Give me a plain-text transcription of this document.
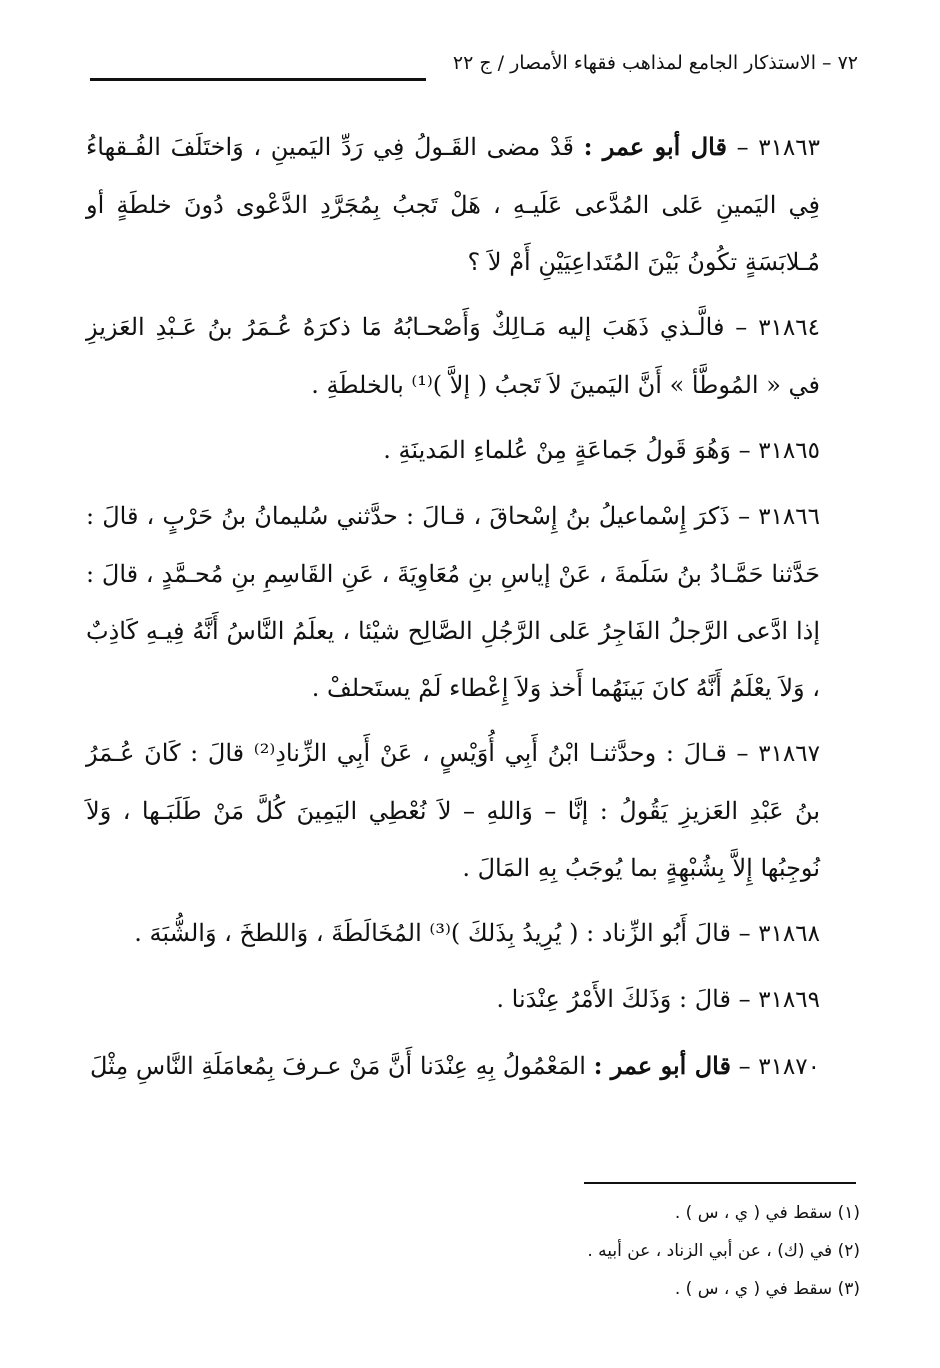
٧٢ – الاستذكار الجامع لمذاهب فقهاء الأمصار / ج ٢٢

٣١٨٦٣ – قال أبو عمر : قَدْ مضى القَـولُ فِي رَدِّ اليَمينِ ، وَاختَلَفَ الفُـقهاءُ فِي اليَمينِ عَلى المُدَّعى عَلَيـهِ ، هَلْ تَجبُ بِمُجَرَّدِ الدَّعْوى دُونَ خلطَةٍ أو مُـلابَسَةٍ تكُونُ بَيْنَ المُتَداعِيَيْنِ أَمْ لاَ ؟

٣١٨٦٤ – فالَّـذي ذَهَبَ إليه مَـالِكٌ وَأَصْحـابُهُ مَا ذكرَهُ عُـمَرُ بنُ عَـبْدِ العَزيزِ في « المُوطَّأ » أَنَّ اليَمينَ لاَ تَجبُ ( إلاَّ )⁽¹⁾ بالخلطَةِ .

٣١٨٦٥ – وَهُوَ قَولُ جَماعَةٍ مِنْ عُلماءِ المَدينَةِ .

٣١٨٦٦ – ذَكرَ إِسْماعيلُ بنُ إِسْحاقَ ، قـالَ : حدَّثني سُليمانُ بنُ حَرْبٍ ، قالَ : حَدَّثنا حَمَّـادُ بنُ سَلَمةَ ، عَنْ إياسِ بنِ مُعَاوِيَةَ ، عَنِ القَاسِمِ بنِ مُحـمَّدٍ ، قالَ : إذا ادَّعى الرَّجلُ الفَاجِرُ عَلى الرَّجُلِ الصَّالِح شيْئا ، يعلَمُ النَّاسُ أَنَّهُ فِيـهِ كَاذِبٌ ، وَلاَ يعْلَمُ أَنَّهُ كانَ بَينَهُما أَخذ وَلاَ إِعْطاء لَمْ يستَحلفْ .

٣١٨٦٧ – قـالَ : وحدَّثنـا ابْنُ أَبِي أُوَيْسٍ ، عَنْ أَبِي الزِّنادِ⁽²⁾ قالَ : كَانَ عُـمَرُ بنُ عَبْدِ العَزيزِ يَقُولُ : إنَّا – وَاللهِ – لاَ نُعْطِي اليَمِينَ كُلَّ مَنْ طَلَبَـها ، وَلاَ نُوجِبُها إِلاَّ بِشُبْهِةٍ بما يُوجَبُ بِهِ المَالَ .

٣١٨٦٨ – قالَ أَبُو الزِّناد : ( يُرِيدُ بِذَلكَ )⁽³⁾ المُخَالَطَةَ ، وَاللطخَ ، وَالشُّبَهَ .

٣١٨٦٩ – قالَ : وَذَلكَ الأَمْرُ عِنْدَنا .

٣١٨٧٠ – قال أبو عمر : المَعْمُولُ بِهِ عِنْدَنا أَنَّ مَنْ عـرفَ بِمُعامَلَةِ النَّاسِ مِثْلَ

(١) سقط في ( ي ، س ) .

(٢) في (ك) ، عن أبي الزناد ، عن أبيه .

(٣) سقط في ( ي ، س ) .
